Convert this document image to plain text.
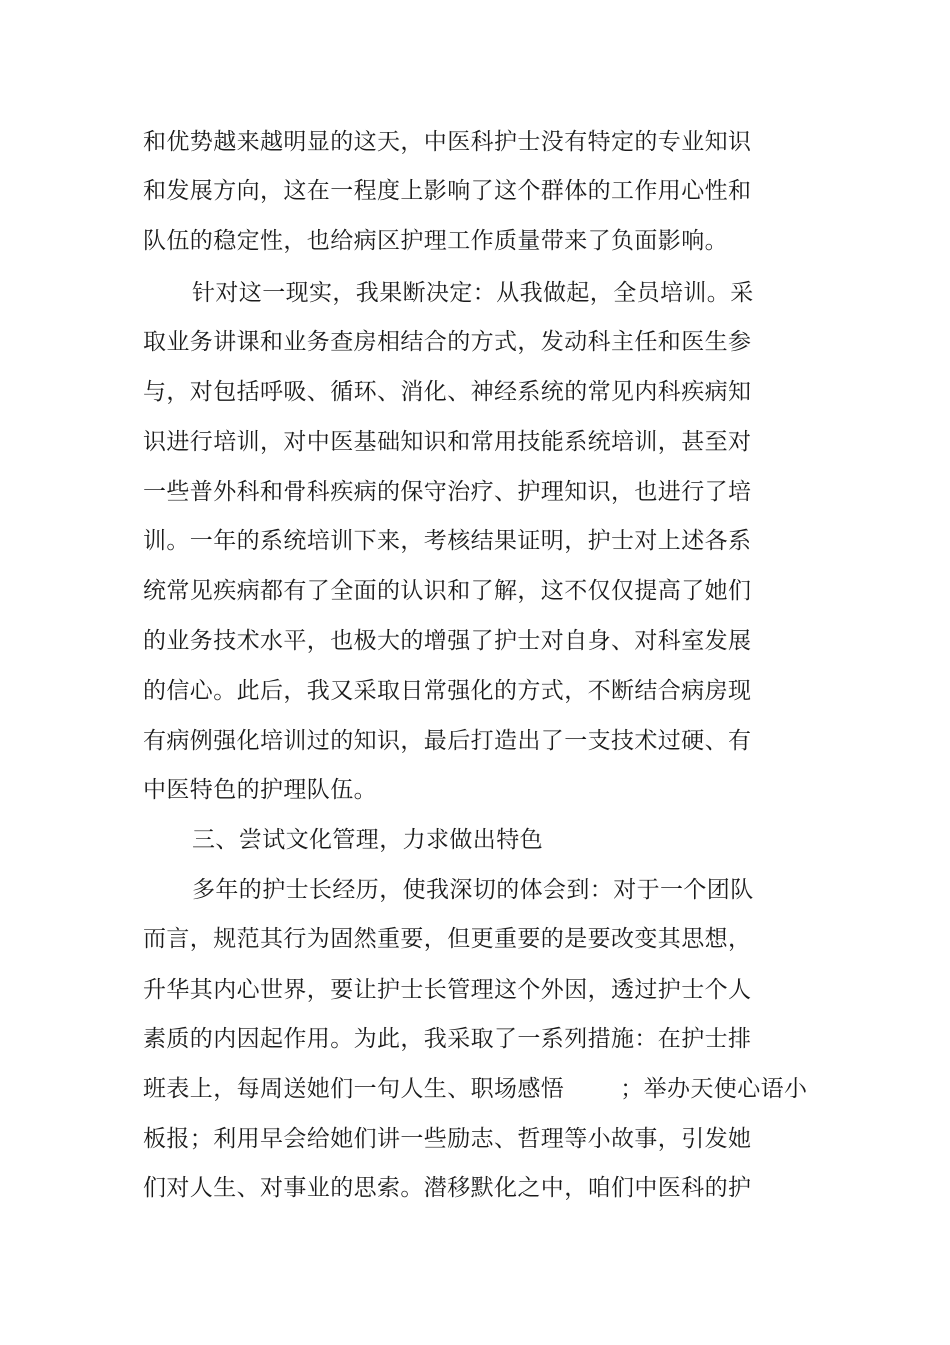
和优势越来越明显的这天，中医科护士没有特定的专业知识
和发展方向，这在一程度上影响了这个群体的工作用心性和
队伍的稳定性，也给病区护理工作质量带来了负面影响。
针对这一现实，我果断决定：从我做起，全员培训。采
取业务讲课和业务查房相结合的方式，发动科主任和医生参
与，对包括呼吸、循环、消化、神经系统的常见内科疾病知
识进行培训，对中医基础知识和常用技能系统培训，甚至对
一些普外科和骨科疾病的保守治疗、护理知识，也进行了培
训。一年的系统培训下来，考核结果证明，护士对上述各系
统常见疾病都有了全面的认识和了解，这不仅仅提高了她们
的业务技术水平，也极大的增强了护士对自身、对科室发展
的信心。此后，我又采取日常强化的方式，不断结合病房现
有病例强化培训过的知识，最后打造出了一支技术过硬、有
中医特色的护理队伍。
三、尝试文化管理，力求做出特色
多年的护士长经历，使我深切的体会到：对于一个团队
而言，规范其行为固然重要，但更重要的是要改变其思想，
升华其内心世界，要让护士长管理这个外因，透过护士个人
素质的内因起作用。为此，我采取了一系列措施：在护士排
班表上，每周送她们一句人生、职场感悟 ；举办天使心语小
板报；利用早会给她们讲一些励志、哲理等小故事，引发她
们对人生、对事业的思索。潜移默化之中，咱们中医科的护
